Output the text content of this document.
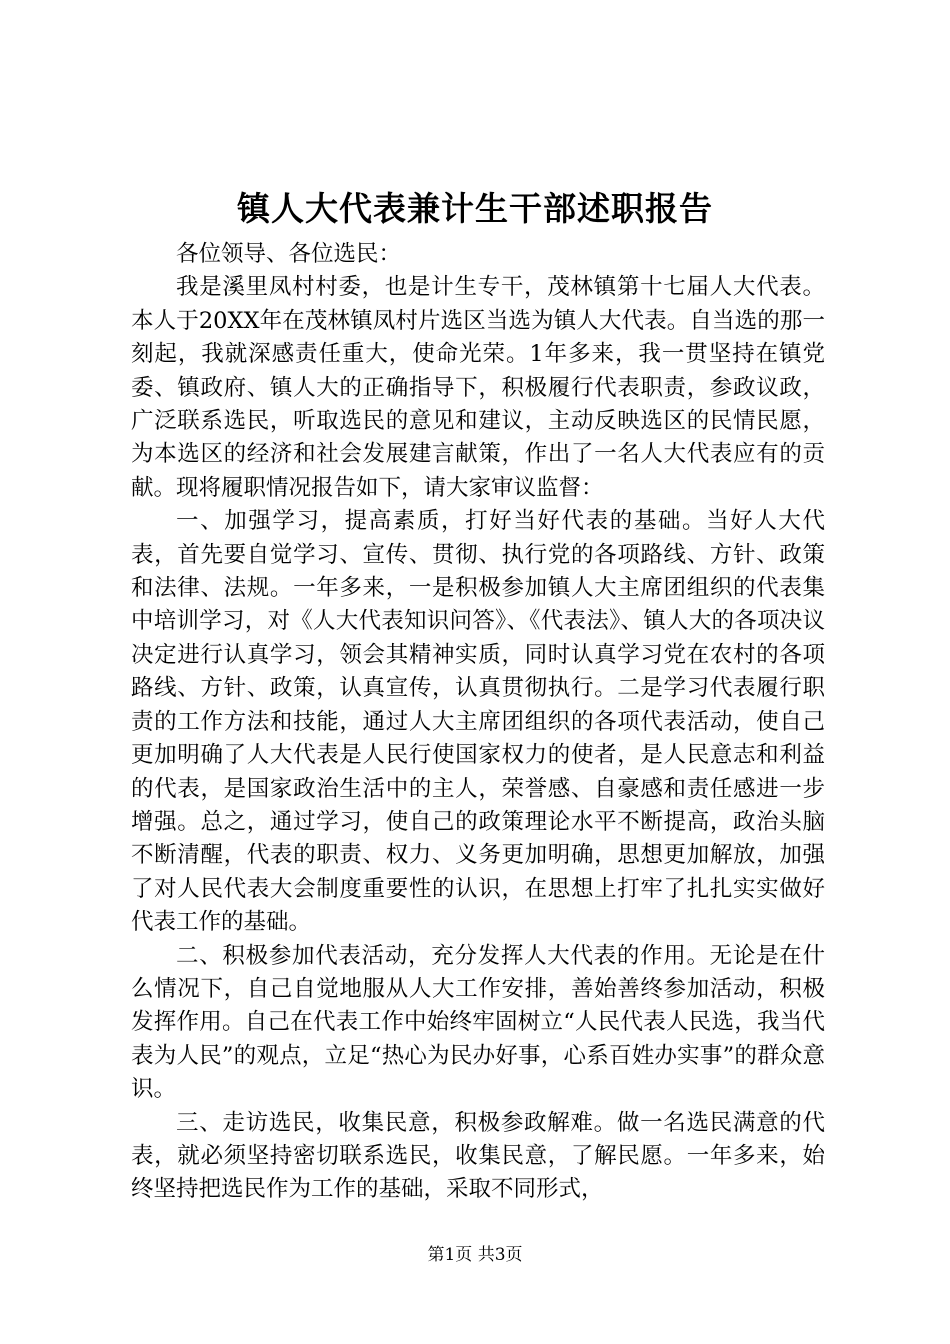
镇人大代表兼计生干部述职报告

各位领导、各位选民：

我是溪里凤村村委，也是计生专干，茂林镇第十七届人大代表。本人于20XX年在茂林镇凤村片选区当选为镇人大代表。自当选的那一刻起，我就深感责任重大，使命光荣。1年多来，我一贯坚持在镇党委、镇政府、镇人大的正确指导下，积极履行代表职责，参政议政，广泛联系选民，听取选民的意见和建议，主动反映选区的民情民愿，为本选区的经济和社会发展建言献策，作出了一名人大代表应有的贡献。现将履职情况报告如下，请大家审议监督：

一、加强学习，提高素质，打好当好代表的基础。当好人大代表，首先要自觉学习、宣传、贯彻、执行党的各项路线、方针、政策和法律、法规。一年多来，一是积极参加镇人大主席团组织的代表集中培训学习，对《人大代表知识问答》、《代表法》、镇人大的各项决议决定进行认真学习，领会其精神实质，同时认真学习党在农村的各项路线、方针、政策，认真宣传，认真贯彻执行。二是学习代表履行职责的工作方法和技能，通过人大主席团组织的各项代表活动，使自己更加明确了人大代表是人民行使国家权力的使者，是人民意志和利益的代表，是国家政治生活中的主人，荣誉感、自豪感和责任感进一步增强。总之，通过学习，使自己的政策理论水平不断提高，政治头脑不断清醒，代表的职责、权力、义务更加明确，思想更加解放，加强了对人民代表大会制度重要性的认识，在思想上打牢了扎扎实实做好代表工作的基础。

二、积极参加代表活动，充分发挥人大代表的作用。无论是在什么情况下，自己自觉地服从人大工作安排，善始善终参加活动，积极发挥作用。自己在代表工作中始终牢固树立“人民代表人民选，我当代表为人民”的观点，立足“热心为民办好事，心系百姓办实事”的群众意识。

三、走访选民，收集民意，积极参政解难。做一名选民满意的代表，就必须坚持密切联系选民，收集民意，了解民愿。一年多来，始终坚持把选民作为工作的基础，采取不同形式，

第1页 共3页
